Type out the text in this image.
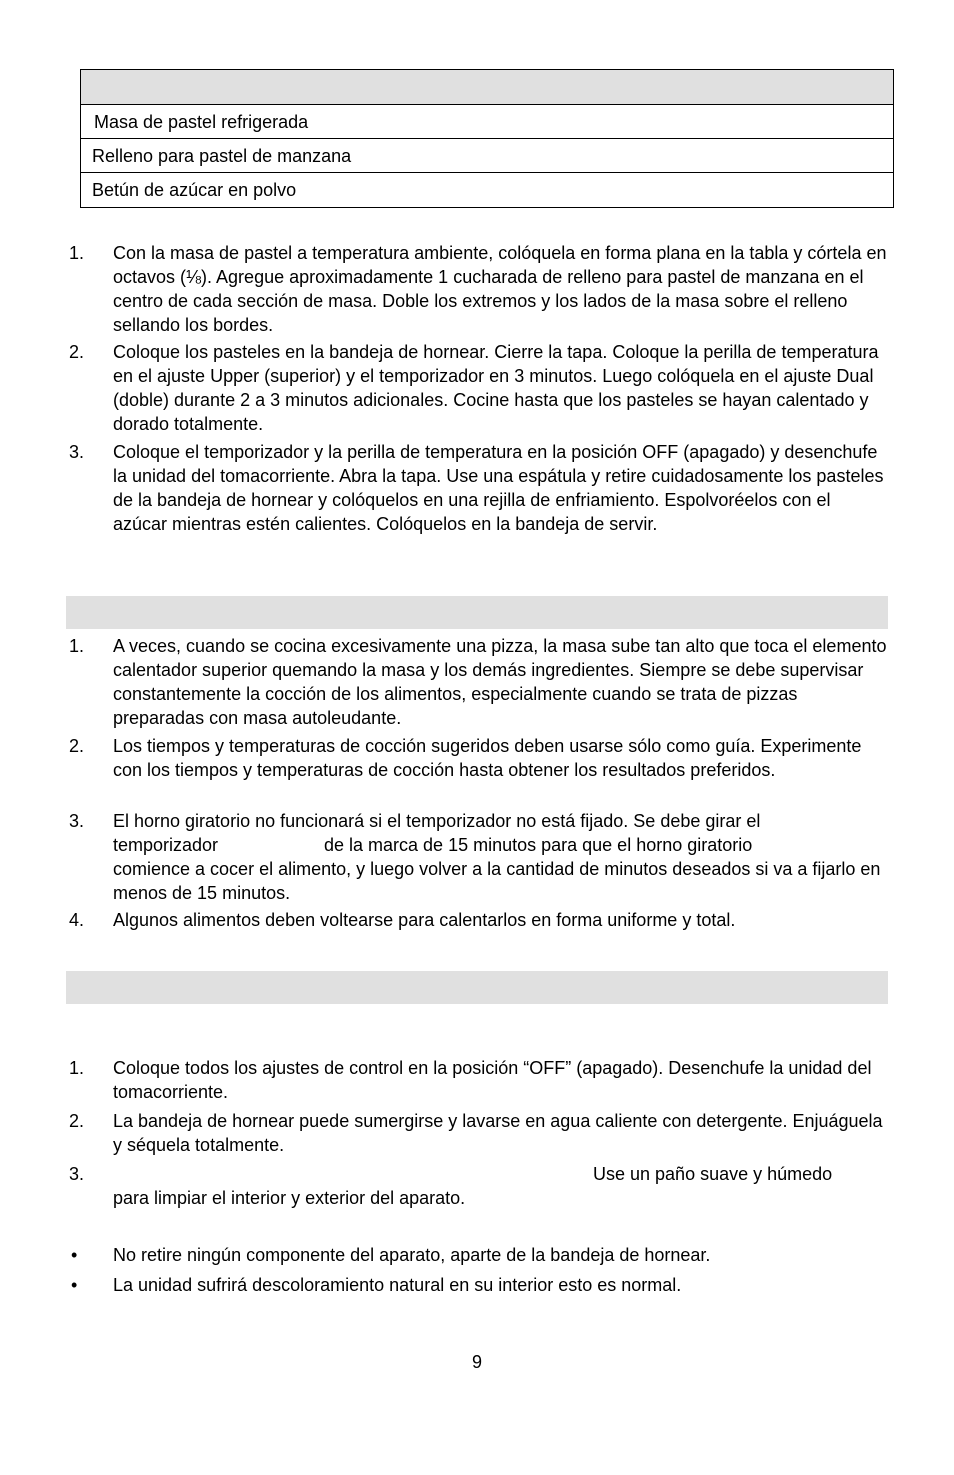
Masa de pastel refrigerada
Relleno para pastel de manzana
Betún de azúcar en polvo
1. Con la masa de pastel a temperatura ambiente, colóquela en forma plana en la tabla y córtela en octavos (⅛). Agregue aproximadamente 1 cucharada de relleno para pastel de manzana en el centro de cada sección de masa. Doble los extremos y los lados de la masa sobre el relleno sellando los bordes.
2. Coloque los pasteles en la bandeja de hornear. Cierre la tapa. Coloque la perilla de temperatura en el ajuste Upper (superior) y el temporizador en 3 minutos. Luego colóquela en el ajuste Dual (doble) durante 2 a 3 minutos adicionales. Cocine hasta que los pasteles se hayan calentado y dorado totalmente.
3. Coloque el temporizador y la perilla de temperatura en la posición OFF (apagado) y desenchufe la unidad del tomacorriente. Abra la tapa. Use una espátula y retire cuidadosamente los pasteles de la bandeja de hornear y colóquelos en una rejilla de enfriamiento. Espolvoréelos con el azúcar mientras estén calientes. Colóquelos en la bandeja de servir.
1. A veces, cuando se cocina excesivamente una pizza, la masa sube tan alto que toca el elemento calentador superior quemando la masa y los demás ingredientes. Siempre se debe supervisar constantemente la cocción de los alimentos, especialmente cuando se trata de pizzas preparadas con masa autoleudante.
2. Los tiempos y temperaturas de cocción sugeridos deben usarse sólo como guía. Experimente con los tiempos y temperaturas de cocción hasta obtener los resultados preferidos.
3. El horno giratorio no funcionará si el temporizador no está fijado. Se debe girar el
temporizador	de la marca de 15 minutos para que el horno giratorio
comience a cocer el alimento, y luego volver a la cantidad de minutos deseados si va a fijarlo en menos de 15 minutos.
4. Algunos alimentos deben voltearse para calentarlos en forma uniforme y total.
1. Coloque todos los ajustes de control en la posición “OFF” (apagado). Desenchufe la unidad del tomacorriente.
2. La bandeja de hornear puede sumergirse y lavarse en agua caliente con detergente. Enjuáguela y séquela totalmente.
3.	Use un paño suave y húmedo
para limpiar el interior y exterior del aparato.
• No retire ningún componente del aparato, aparte de la bandeja de hornear.
• La unidad sufrirá descoloramiento natural en su interior esto es normal.
9
